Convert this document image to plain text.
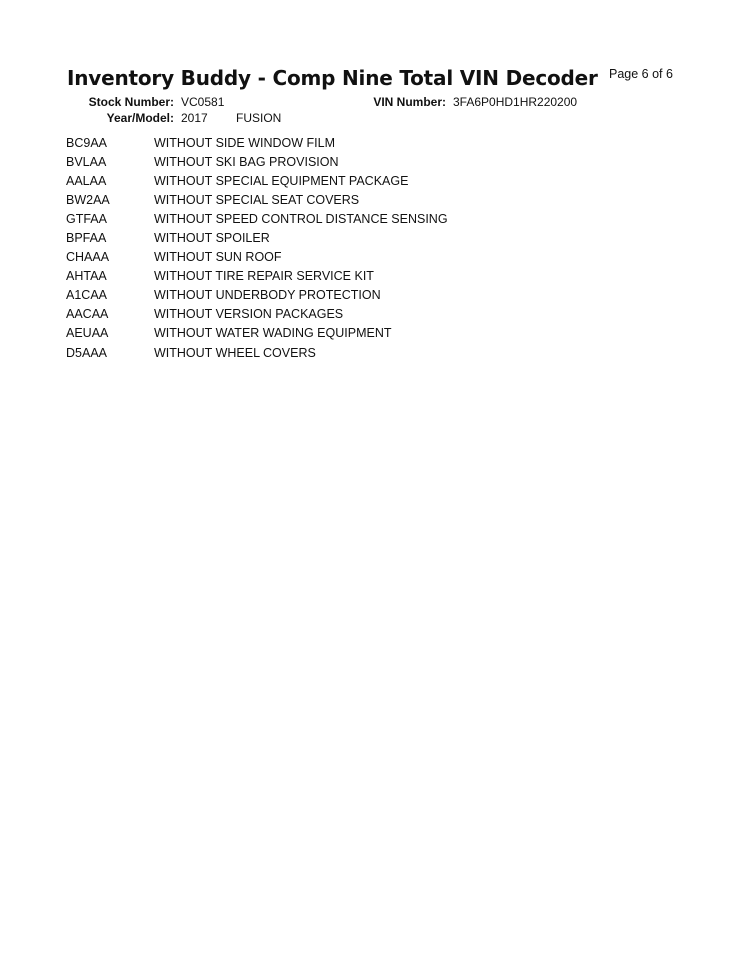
Inventory Buddy - Comp Nine Total VIN Decoder Page 6 of 6
Stock Number: VC0581	VIN Number: 3FA6P0HD1HR220200
Year/Model: 2017 FUSION
BC9AA	WITHOUT SIDE WINDOW FILM
BVLAA	WITHOUT SKI BAG PROVISION
AALAA	WITHOUT SPECIAL EQUIPMENT PACKAGE
BW2AA	WITHOUT SPECIAL SEAT COVERS
GTFAA	WITHOUT SPEED CONTROL DISTANCE SENSING
BPFAA	WITHOUT SPOILER
CHAAA	WITHOUT SUN ROOF
AHTAA	WITHOUT TIRE REPAIR SERVICE KIT
A1CAA	WITHOUT UNDERBODY PROTECTION
AACAA	WITHOUT VERSION PACKAGES
AEUAA	WITHOUT WATER WADING EQUIPMENT
D5AAA	WITHOUT WHEEL COVERS
